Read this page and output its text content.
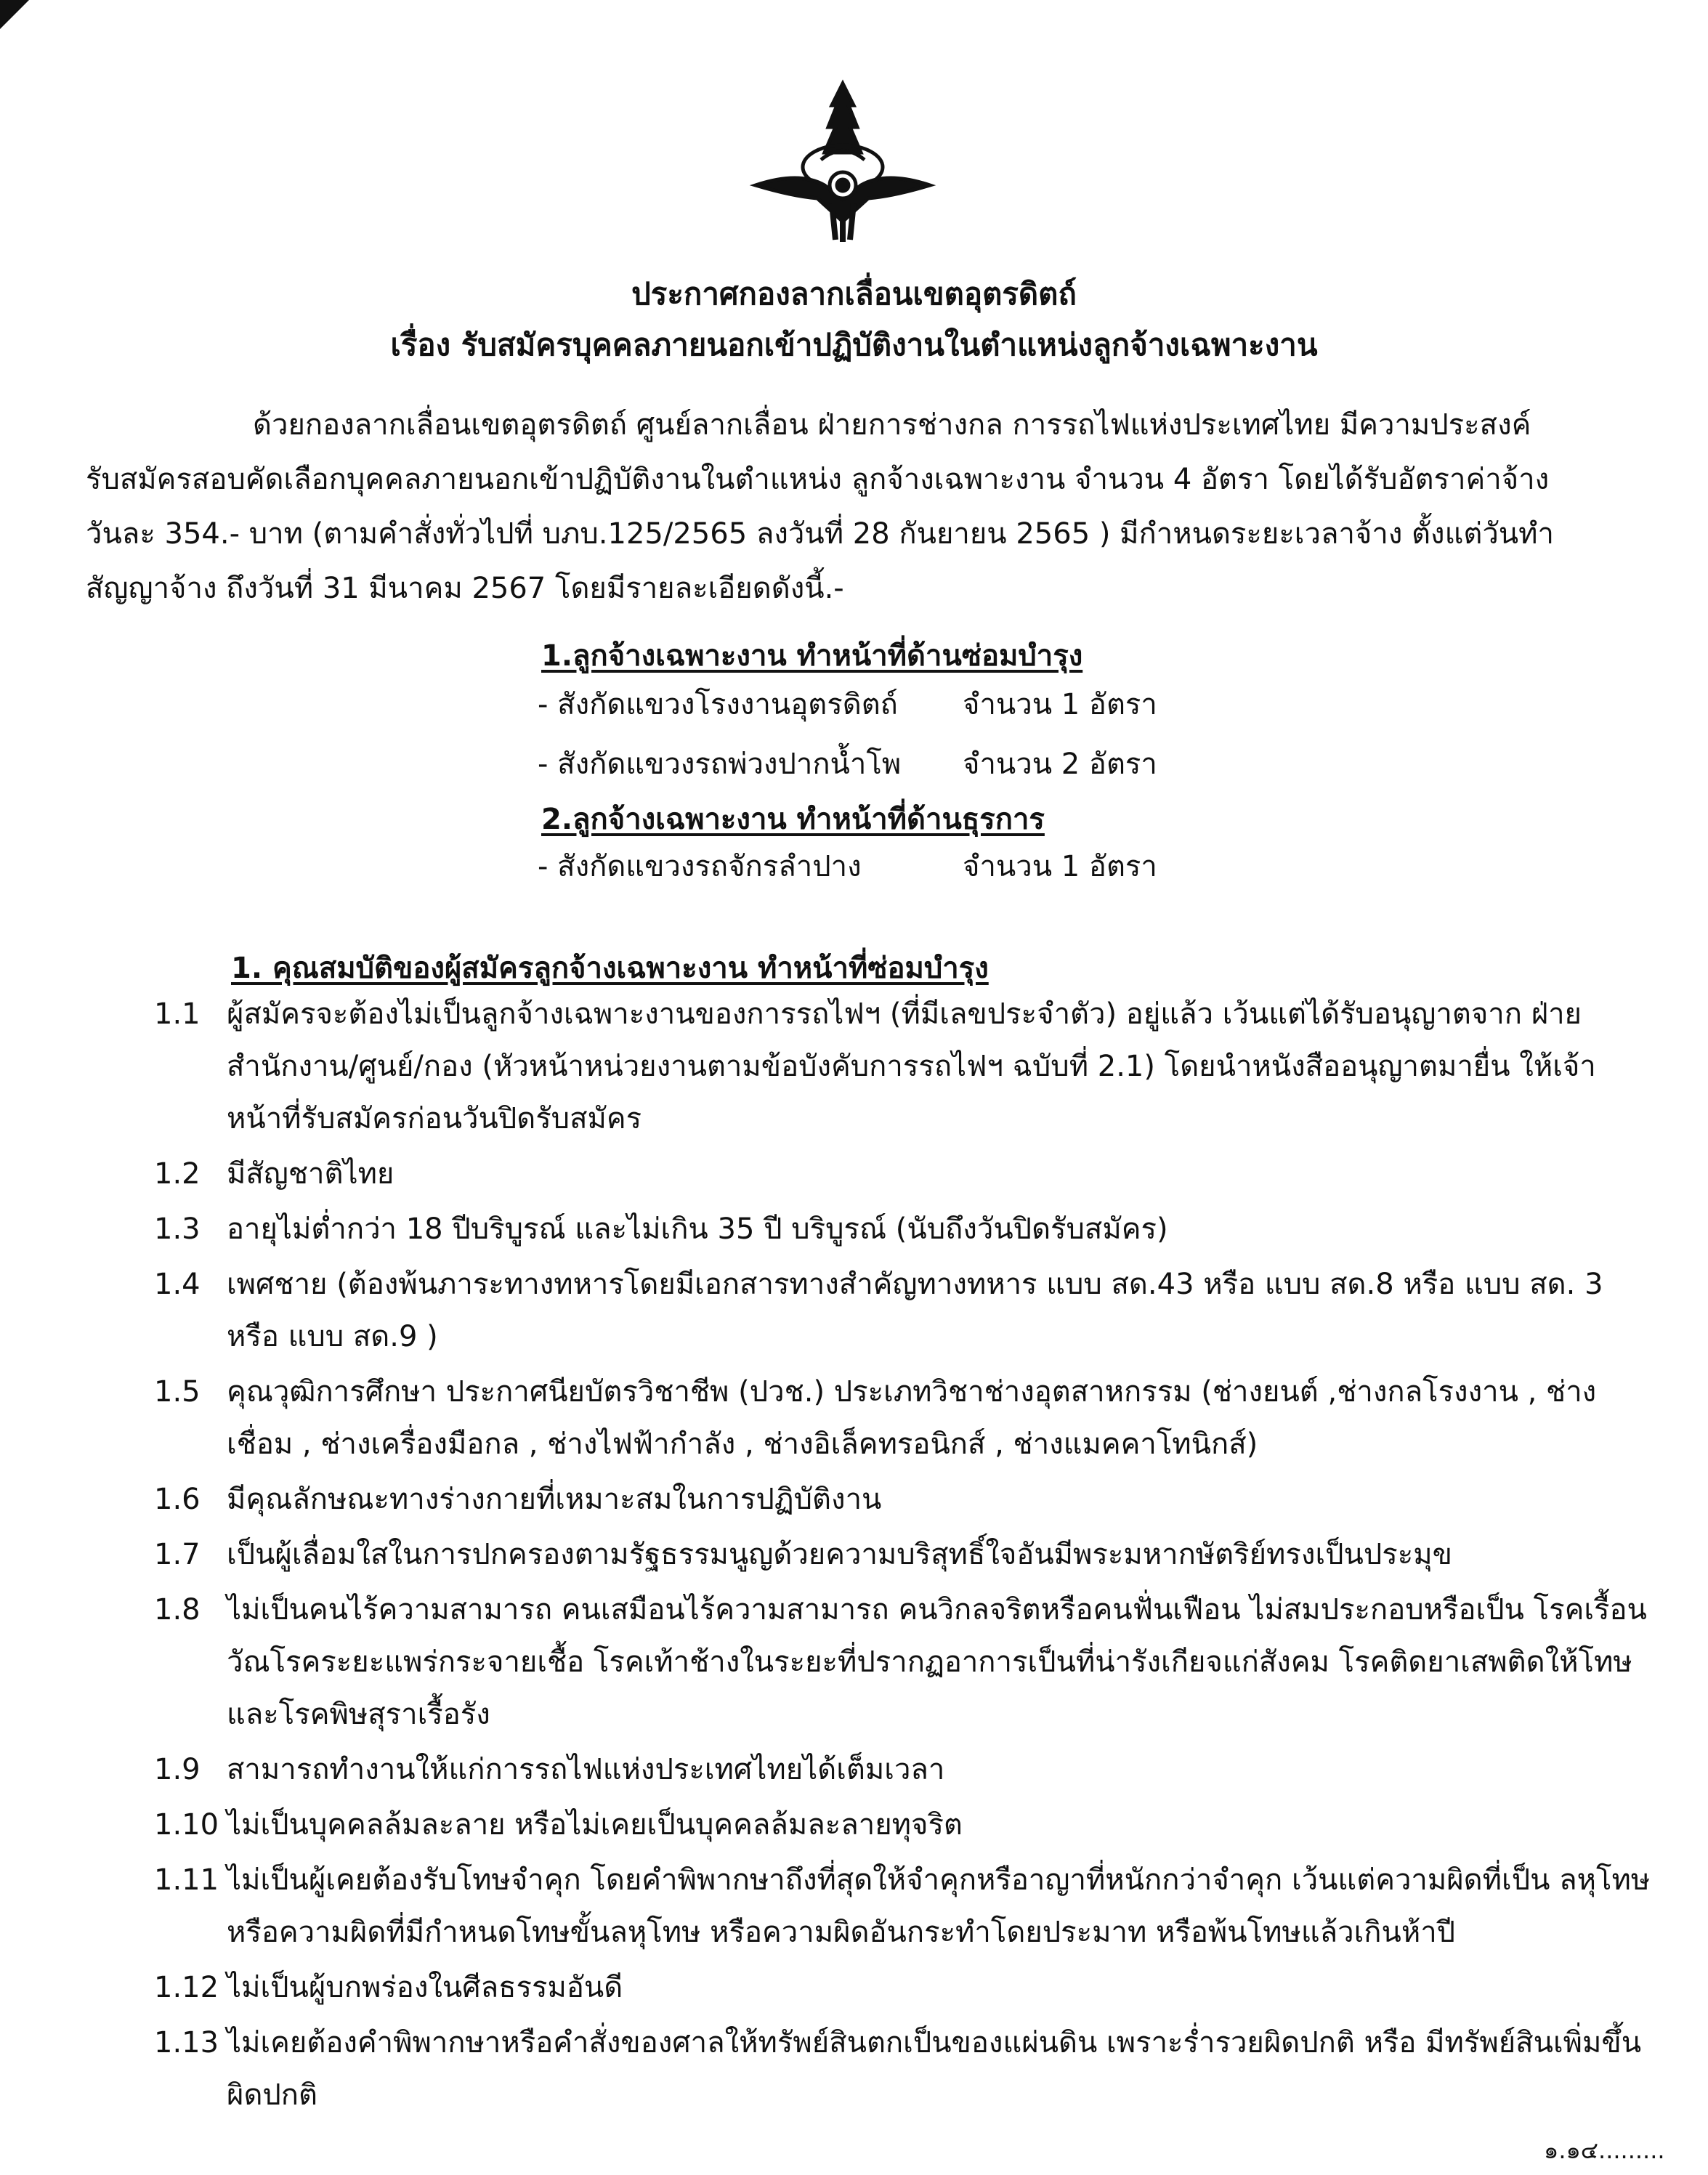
ประกาศกองลากเลื่อนเขตอุตรดิตถ์
เรื่อง รับสมัครบุคคลภายนอกเข้าปฏิบัติงานในตำแหน่งลูกจ้างเฉพาะงาน

ด้วยกองลากเลื่อนเขตอุตรดิตถ์ ศูนย์ลากเลื่อน ฝ่ายการช่างกล การรถไฟแห่งประเทศไทย มีความประสงค์

รับสมัครสอบคัดเลือกบุคคลภายนอกเข้าปฏิบัติงานในตำแหน่ง ลูกจ้างเฉพาะงาน จำนวน 4 อัตรา โดยได้รับอัตราค่าจ้าง

วันละ 354.- บาท (ตามคำสั่งทั่วไปที่ บภบ.125/2565 ลงวันที่ 28 กันยายน 2565 ) มีกำหนดระยะเวลาจ้าง ตั้งแต่วันทำ

สัญญาจ้าง ถึงวันที่ 31 มีนาคม 2567 โดยมีรายละเอียดดังนี้.-

1.ลูกจ้างเฉพาะงาน ทำหน้าที่ด้านซ่อมบำรุง
- สังกัดแขวงโรงงานอุตรดิตถ์	จำนวน 1 อัตรา
- สังกัดแขวงรถพ่วงปากน้ำโพ	จำนวน 2 อัตรา
2.ลูกจ้างเฉพาะงาน ทำหน้าที่ด้านธุรการ
- สังกัดแขวงรถจักรลำปาง	จำนวน 1 อัตรา
1. คุณสมบัติของผู้สมัครลูกจ้างเฉพาะงาน ทำหน้าที่ซ่อมบำรุง
1.1 ผู้สมัครจะต้องไม่เป็นลูกจ้างเฉพาะงานของการรถไฟฯ (ที่มีเลขประจำตัว) อยู่แล้ว เว้นแต่ได้รับอนุญาตจาก ฝ่ายสำนักงาน/ศูนย์/กอง (หัวหน้าหน่วยงานตามข้อบังคับการรถไฟฯ ฉบับที่ 2.1) โดยนำหนังสืออนุญาตมายื่น ให้เจ้าหน้าที่รับสมัครก่อนวันปิดรับสมัคร
1.2 มีสัญชาติไทย
1.3 อายุไม่ต่ำกว่า 18 ปีบริบูรณ์ และไม่เกิน 35 ปี บริบูรณ์ (นับถึงวันปิดรับสมัคร)
1.4 เพศชาย (ต้องพ้นภาระทางทหารโดยมีเอกสารทางสำคัญทางทหาร แบบ สด.43 หรือ แบบ สด.8 หรือ แบบ สด. 3 หรือ แบบ สด.9 )
1.5 คุณวุฒิการศึกษา ประกาศนียบัตรวิชาชีพ (ปวช.) ประเภทวิชาช่างอุตสาหกรรม (ช่างยนต์ ,ช่างกลโรงงาน , ช่างเชื่อม , ช่างเครื่องมือกล , ช่างไฟฟ้ากำลัง , ช่างอิเล็คทรอนิกส์ , ช่างแมคคาโทนิกส์)
1.6 มีคุณลักษณะทางร่างกายที่เหมาะสมในการปฏิบัติงาน
1.7 เป็นผู้เลื่อมใสในการปกครองตามรัฐธรรมนูญด้วยความบริสุทธิ์ใจอันมีพระมหากษัตริย์ทรงเป็นประมุข
1.8 ไม่เป็นคนไร้ความสามารถ คนเสมือนไร้ความสามารถ คนวิกลจริตหรือคนฟั่นเฟือน ไม่สมประกอบหรือเป็น โรคเรื้อนวัณโรคระยะแพร่กระจายเชื้อ โรคเท้าช้างในระยะที่ปรากฏอาการเป็นที่น่ารังเกียจแก่สังคม โรคติดยาเสพติดให้โทษ และโรคพิษสุราเรื้อรัง
1.9 สามารถทำงานให้แก่การรถไฟแห่งประเทศไทยได้เต็มเวลา
1.10 ไม่เป็นบุคคลล้มละลาย หรือไม่เคยเป็นบุคคลล้มละลายทุจริต
1.11 ไม่เป็นผู้เคยต้องรับโทษจำคุก โดยคำพิพากษาถึงที่สุดให้จำคุกหรือาญาที่หนักกว่าจำคุก เว้นแต่ความผิดที่เป็น ลหุโทษ หรือความผิดที่มีกำหนดโทษขั้นลหุโทษ หรือความผิดอันกระทำโดยประมาท หรือพ้นโทษแล้วเกินห้าปี
1.12 ไม่เป็นผู้บกพร่องในศีลธรรมอันดี
1.13 ไม่เคยต้องคำพิพากษาหรือคำสั่งของศาลให้ทรัพย์สินตกเป็นของแผ่นดิน เพราะร่ำรวยผิดปกติ หรือ มีทรัพย์สินเพิ่มขึ้นผิดปกติ
๑.๑๔.........
